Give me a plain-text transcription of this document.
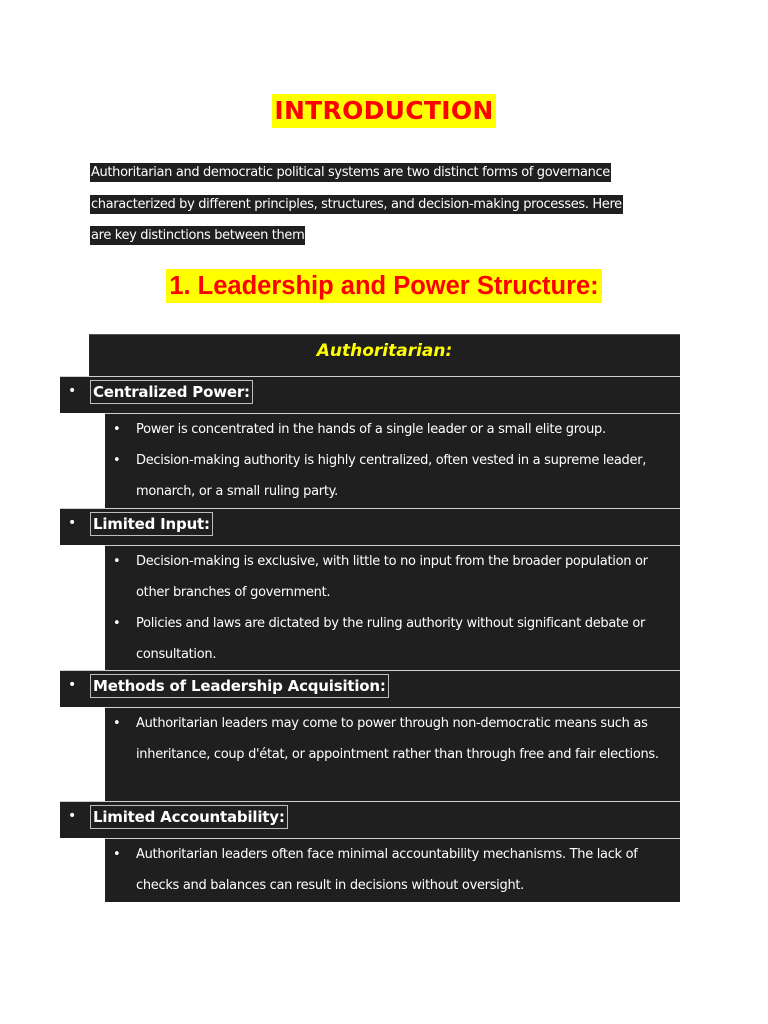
INTRODUCTION
Authoritarian and democratic political systems are two distinct forms of governance
characterized by different principles, structures, and decision-making processes. Here
are key distinctions between them
1. Leadership and Power Structure:
Authoritarian:
• Centralized Power:
• Power is concentrated in the hands of a single leader or a small elite group.
• Decision-making authority is highly centralized, often vested in a supreme leader, monarch, or a small ruling party.
• Limited Input:
• Decision-making is exclusive, with little to no input from the broader population or other branches of government.
• Policies and laws are dictated by the ruling authority without significant debate or consultation.
• Methods of Leadership Acquisition:
• Authoritarian leaders may come to power through non-democratic means such as inheritance, coup d'état, or appointment rather than through free and fair elections.
• Limited Accountability:
• Authoritarian leaders often face minimal accountability mechanisms. The lack of checks and balances can result in decisions without oversight.
